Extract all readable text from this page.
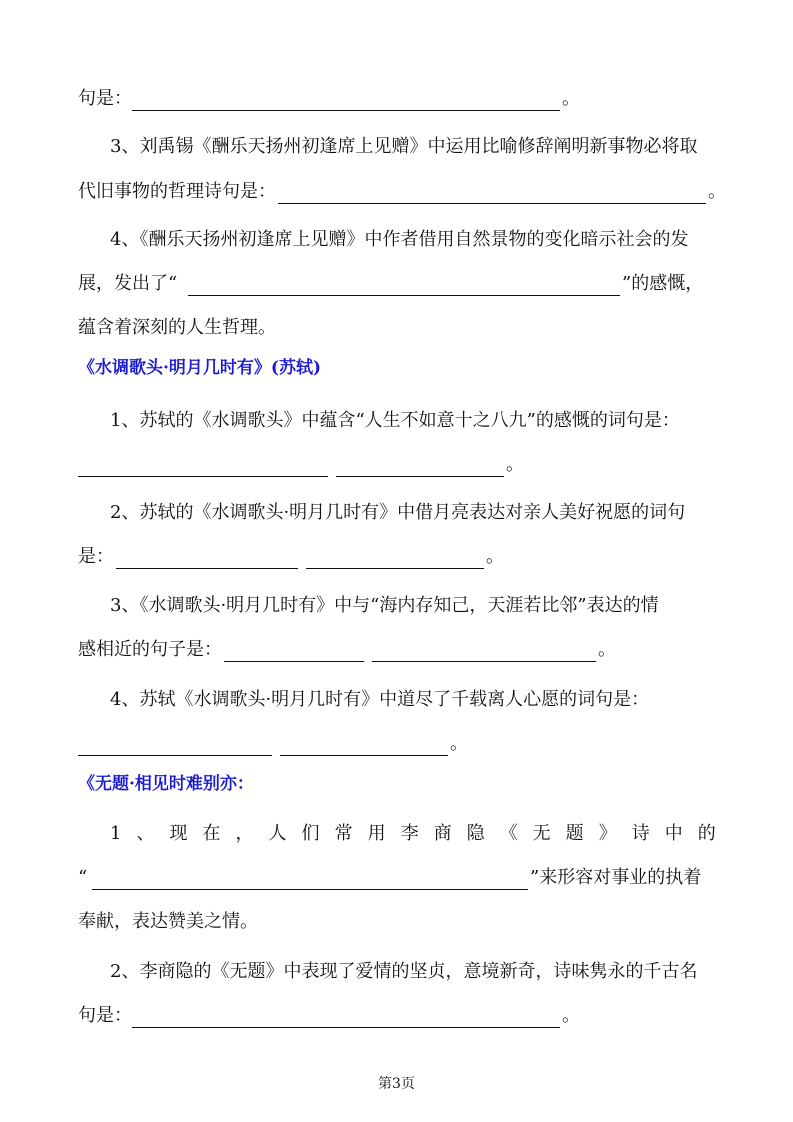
句是：	。
3、刘禹锡《酬乐天扬州初逢席上见赠》中运用比喻修辞阐明新事物必将取
代旧事物的哲理诗句是：	。
4、《酬乐天扬州初逢席上见赠》中作者借用自然景物的变化暗示社会的发
展，发出了“	”的感慨，
蕴含着深刻的人生哲理。
《水调歌头·明月几时有》(苏轼)
1、苏轼的《水调歌头》中蕴含“人生不如意十之八九”的感慨的词句是：
。
2、苏轼的《水调歌头·明月几时有》中借月亮表达对亲人美好祝愿的词句
是：	。
3、《水调歌头·明月几时有》中与“海内存知己，天涯若比邻”表达的情
感相近的句子是：	。
4、苏轼《水调歌头·明月几时有》中道尽了千载离人心愿的词句是：
。
《无题·相见时难别亦：
1 、 现 在 ， 人 们 常 用 李 商 隐 《 无 题 》 诗 中 的
“	”来形容对事业的执着
奉献，表达赞美之情。
2、李商隐的《无题》中表现了爱情的坚贞，意境新奇，诗味隽永的千古名
句是：	。
第3页
